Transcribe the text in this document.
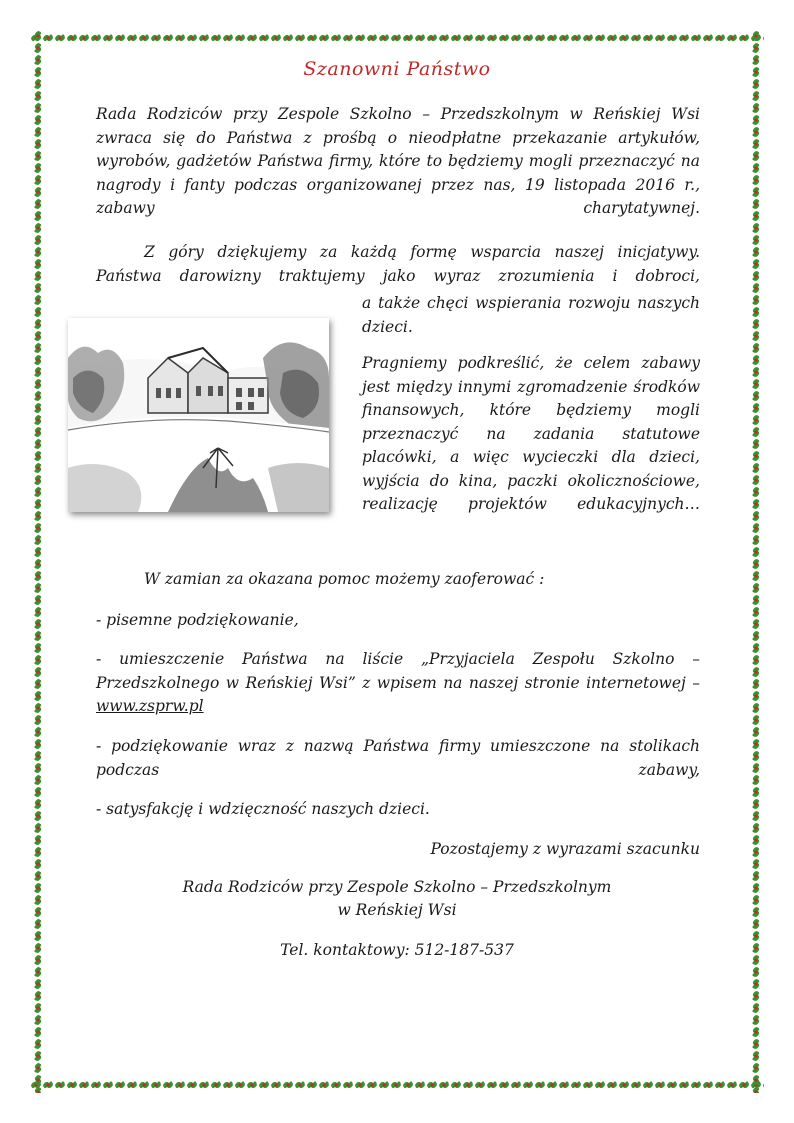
Szanowni Państwo

Rada Rodziców przy Zespole Szkolno – Przedszkolnym w Reńskiej Wsi zwraca się do Państwa z prośbą o nieodpłatne przekazanie artykułów, wyrobów, gadżetów Państwa firmy, które to będziemy mogli przeznaczyć na nagrody i fanty podczas organizowanej przez nas, 19 listopada 2016 r., zabawy charytatywnej.

Z góry dziękujemy za każdą formę wsparcia naszej inicjatywy.

Państwa darowizny traktujemy jako wyraz zrozumienia i dobroci,

a także chęci wspierania rozwoju naszych dzieci.

Pragniemy podkreślić, że celem zabawy jest między innymi zgromadzenie środków finansowych, które będziemy mogli przeznaczyć na zadania statutowe placówki, a więc wycieczki dla dzieci, wyjścia do kina, paczki okolicznościowe, realizację projektów edukacyjnych…

W zamian za okazana pomoc możemy zaoferować :

- pisemne podziękowanie,

- umieszczenie Państwa na liście „Przyjaciela Zespołu Szkolno – Przedszkolnego w Reńskiej Wsi” z wpisem na naszej stronie internetowej – www.zsprw.pl

- podziękowanie wraz z nazwą Państwa firmy umieszczone na stolikach podczas zabawy,

- satysfakcję i wdzięczność naszych dzieci.

Pozostajemy z wyrazami szacunku

Rada Rodziców przy Zespole Szkolno – Przedszkolnym

w Reńskiej Wsi

Tel. kontaktowy: 512-187-537
